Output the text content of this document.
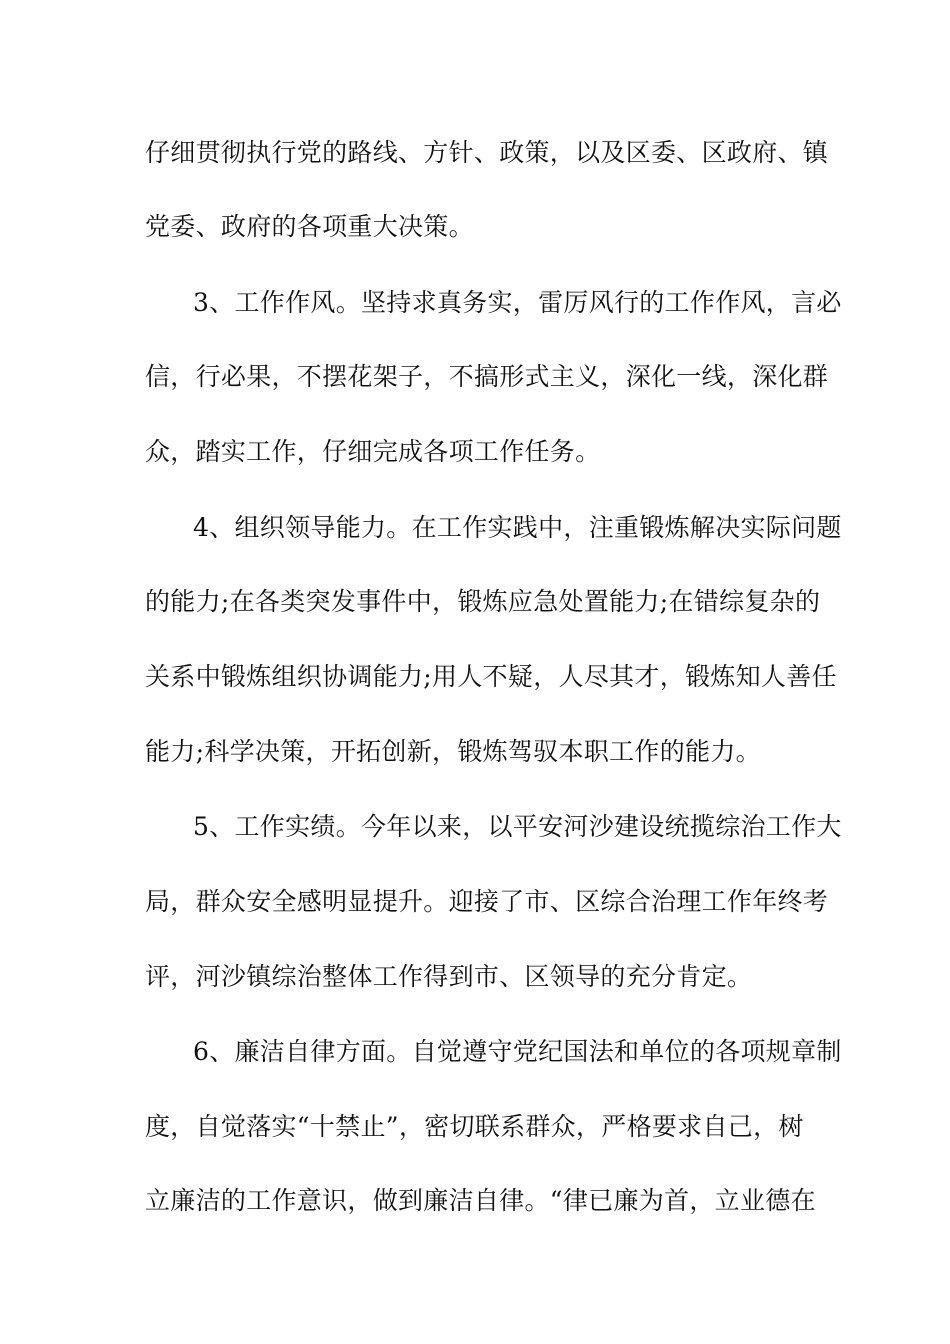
仔细贯彻执行党的路线、方针、政策，以及区委、区政府、镇
党委、政府的各项重大决策。
3、工作作风。坚持求真务实，雷厉风行的工作作风，言必
信，行必果，不摆花架子，不搞形式主义，深化一线，深化群
众，踏实工作，仔细完成各项工作任务。
4、组织领导能力。在工作实践中，注重锻炼解决实际问题
的能力;在各类突发事件中，锻炼应急处置能力;在错综复杂的
关系中锻炼组织协调能力;用人不疑，人尽其才，锻炼知人善任
能力;科学决策，开拓创新，锻炼驾驭本职工作的能力。
5、工作实绩。今年以来，以平安河沙建设统揽综治工作大
局，群众安全感明显提升。迎接了市、区综合治理工作年终考
评，河沙镇综治整体工作得到市、区领导的充分肯定。
6、廉洁自律方面。自觉遵守党纪国法和单位的各项规章制
度，自觉落实“十禁止”，密切联系群众，严格要求自己，树
立廉洁的工作意识，做到廉洁自律。“律已廉为首，立业德在
